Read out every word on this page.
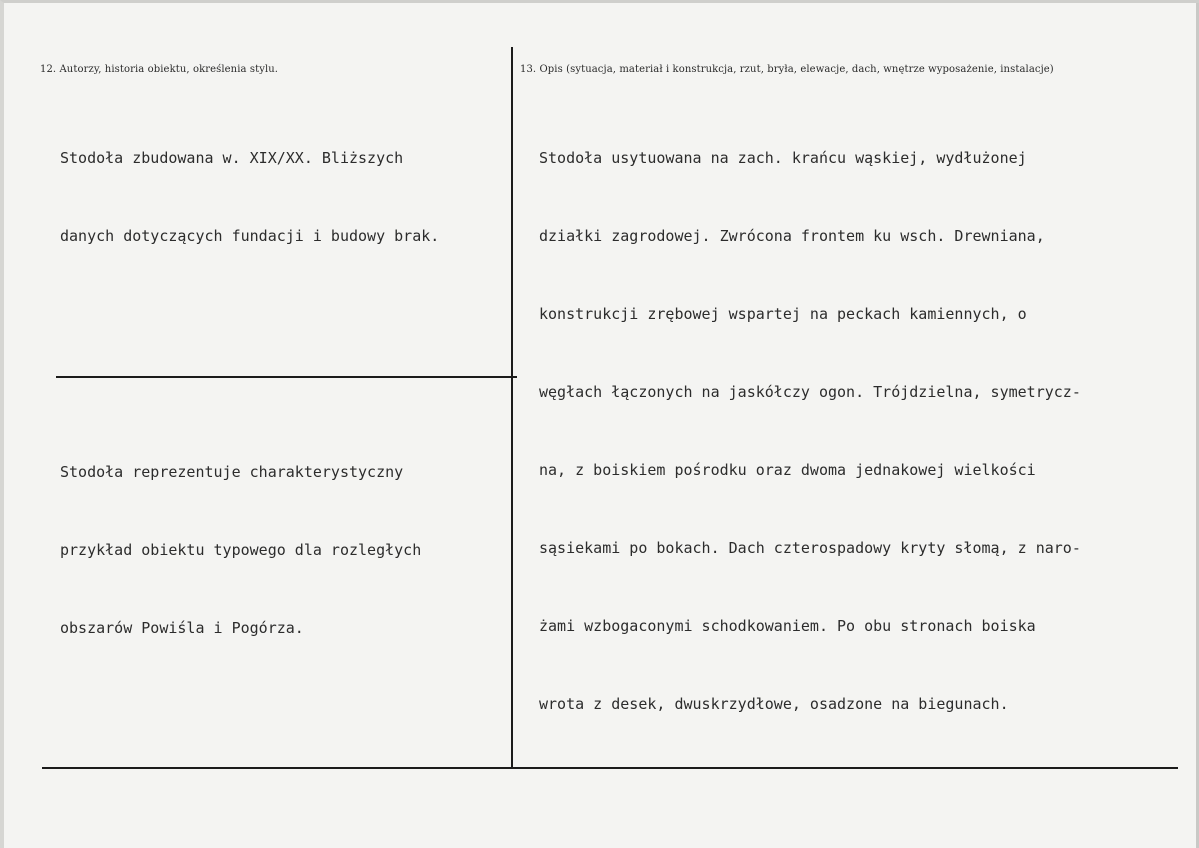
12. Autorzy, historia obiektu, określenia stylu.

Stodoła zbudowana w. XIX/XX. Bliższych

danych dotyczących fundacji i budowy brak.

13. Opis (sytuacja, materiał i konstrukcja, rzut, bryła, elewacje, dach, wnętrze wyposażenie, instalacje)

Stodoła usytuowana na zach. krańcu wąskiej, wydłużonej

działki zagrodowej. Zwrócona frontem ku wsch. Drewniana,

konstrukcji zrębowej wspartej na peckach kamiennych, o

węgłach łączonych na jaskółczy ogon. Trójdzielna, symetrycz-

na, z boiskiem pośrodku oraz dwoma jednakowej wielkości

sąsiekami po bokach. Dach czterospadowy kryty słomą, z naro-

żami wzbogaconymi schodkowaniem. Po obu stronach boiska

wrota z desek, dwuskrzydłowe, osadzone na biegunach.

Stodoła reprezentuje charakterystyczny

przykład obiektu typowego dla rozległych

obszarów Powiśla i Pogórza.
